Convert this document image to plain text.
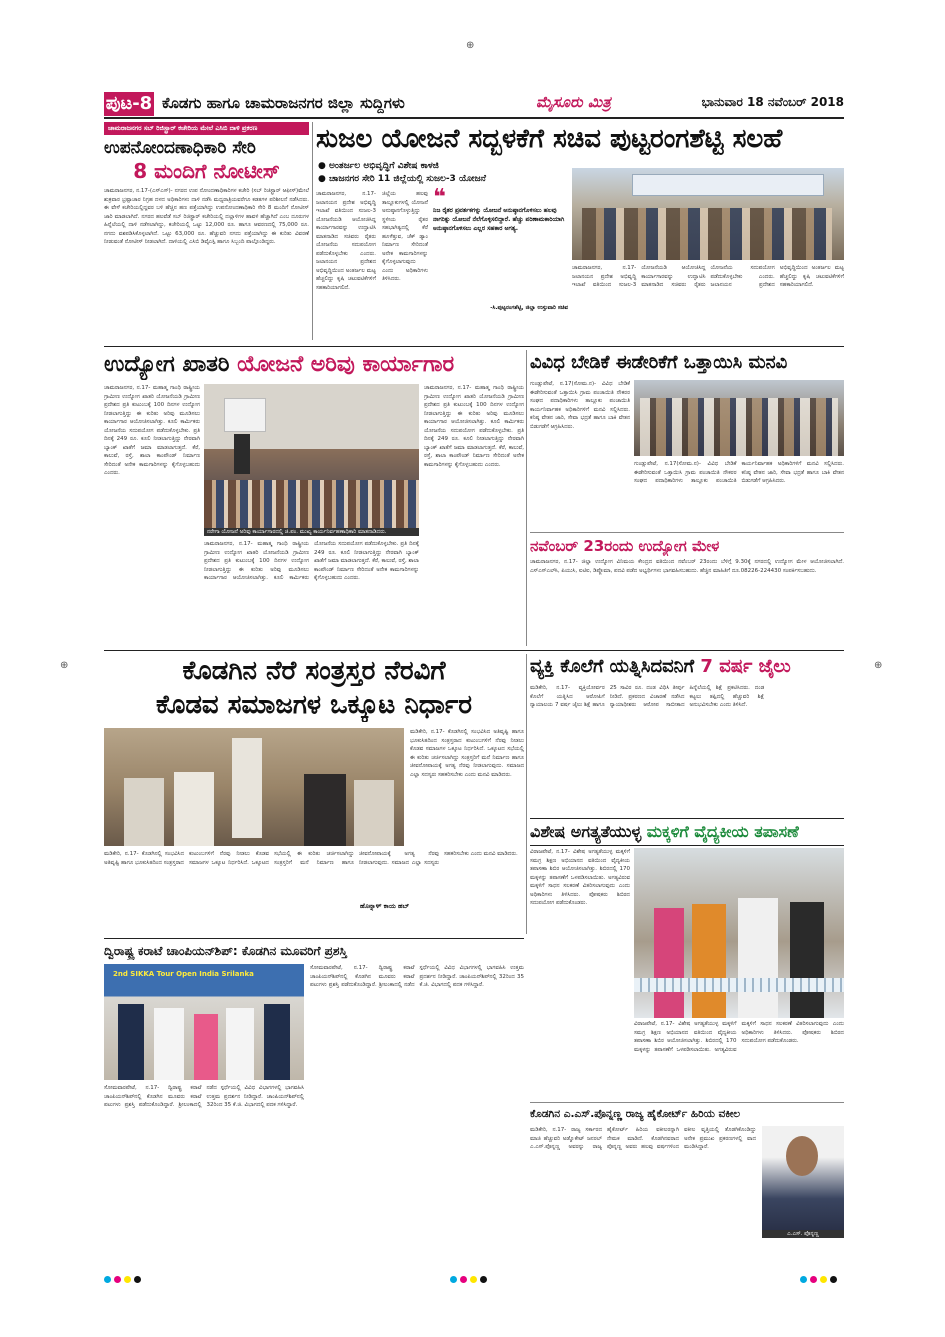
⊕
⊕	⊕
ಪುಟ-8 ಕೊಡಗು ಹಾಗೂ ಚಾಮರಾಜನಗರ ಜಿಲ್ಲಾ ಸುದ್ದಿಗಳು	ಮೈಸೂರು ಮಿತ್ರ	ಭಾನುವಾರ 18 ನವೆಂಬರ್ 2018
ಚಾಮರಾಜನಗರ ಸಬ್ ರಿಜಿಸ್ಟ್ರಾರ್ ಕಚೇರಿಯ ಮೇಲೆ ಎಸಿಬಿ ದಾಳಿ ಪ್ರಕರಣ
ಉಪನೋಂದಣಾಧಿಕಾರಿ ಸೇರಿ
8 ಮಂದಿಗೆ ನೋಟೀಸ್
ಚಾಮರಾಜನಗರ, ನ.17-(ಎಸ್‍ಎಸ್)- ನಗರದ ಉಪ ನೋಂದಣಾಧಿಕಾರಿಗಳ ಕಚೇರಿ (ಸಬ್ ರಿಜಿಸ್ಟ್ರಾರ್ ಆಫೀಸ್)ಮೇಲೆ ಶುಕ್ರವಾರ ಭ್ರಷ್ಟಾಚಾರ ನಿಗ್ರಹ ದಳದ ಅಧಿಕಾರಿಗಳು ದಾಳಿ ನಡೆಸಿ ಮಧ್ಯರಾತ್ರಿಯವರೆಗೂ ಕಡತಗಳ ಪರಿಶೀಲನೆ ನಡೆಸಿದರು. ಈ ವೇಳೆ ಕಚೇರಿಯಲ್ಲಿದ್ದವರ ಬಳಿ ಹೆಚ್ಚಿನ ಹಣ ಪತ್ತೆಯಾಗಿದ್ದು ಉಪನೋಂದಣಾಧಿಕಾರಿ ಸೇರಿ 8 ಮಂದಿಗೆ ನೋಟೀಸ್ ಜಾರಿ ಮಾಡಲಾಗಿದೆ. ನಗರದ ಹಲವೆಡೆ ಸಬ್ ರಿಜಿಸ್ಟ್ರಾರ್ ಕಚೇರಿಯಲ್ಲಿ ದಲ್ಲಾಳಿಗಳ ಹಾವಳಿ ಹೆಚ್ಚಾಗಿದೆ ಎಂಬ ದೂರುಗಳ ಹಿನ್ನೆಲೆಯಲ್ಲಿ ದಾಳಿ ನಡೆಸಲಾಗಿದ್ದು, ಕಚೇರಿಯಲ್ಲಿ ಒಟ್ಟು 12,000 ರೂ. ಹಾಗೂ ಆವರಣದಲ್ಲಿ 75,000 ರೂ. ನಗದು ವಶಪಡಿಸಿಕೊಳ್ಳಲಾಗಿದೆ. ಒಟ್ಟು 63,000 ರೂ. ಹೆಚ್ಚುವರಿ ನಗದು ಪತ್ತೆಯಾಗಿದ್ದು ಈ ಕುರಿತು ವಿವರಣೆ ನೀಡುವಂತೆ ನೋಟೀಸ್ ನೀಡಲಾಗಿದೆ. ದಾಳಿಯಲ್ಲಿ ಎಸಿಬಿ ಡಿವೈಎಸ್ಪಿ ಹಾಗೂ ಸಿಬ್ಬಂದಿ ಪಾಲ್ಗೊಂಡಿದ್ದರು.
ಸುಜಲ ಯೋಜನೆ ಸದ್ಬಳಕೆಗೆ ಸಚಿವ ಪುಟ್ಟರಂಗಶೆಟ್ಟಿ ಸಲಹೆ
● ಅಂತರ್ಜಲ ಅಭಿವೃದ್ಧಿಗೆ ವಿಶೇಷ ಕಾಳಜಿ
● ಚಾಜನಗರ ಸೇರಿ 11 ಜಿಲ್ಲೆಯಲ್ಲಿ ಸುಜಲ-3 ಯೋಜನೆ
ಚಾಮರಾಜನಗರ, ನ.17- ಜಲಾನಯನ ಪ್ರದೇಶ ಅಭಿವೃದ್ಧಿ ಇಲಾಖೆ ವತಿಯಿಂದ ಸುಜಲ-3 ಯೋಜನೆಯಡಿ ಆಯೋಜಿಸಿದ್ದ ಕಾರ್ಯಾಗಾರವನ್ನು ಉದ್ಘಾಟಿಸಿ ಮಾತನಾಡಿದ ಸಚಿವರು ರೈತರು ಯೋಜನೆಯ ಸದುಪಯೋಗ ಪಡೆದುಕೊಳ್ಳಬೇಕು ಎಂದರು. ಜಲಾನಯನ ಪ್ರದೇಶದ ಅಭಿವೃದ್ಧಿಯಿಂದ ಅಂತರ್ಜಲ ಮಟ್ಟ ಹೆಚ್ಚಲಿದ್ದು ಕೃಷಿ ಚಟುವಟಿಕೆಗಳಿಗೆ ಸಹಕಾರಿಯಾಗಲಿದೆ.
ಜಿಲ್ಲೆಯ ಹಲವು ತಾಲ್ಲೂಕುಗಳಲ್ಲಿ ಯೋಜನೆ ಅನುಷ್ಠಾನಗೊಳ್ಳುತ್ತಿದ್ದು ಸ್ಥಳೀಯ ರೈತರ ಸಹಭಾಗಿತ್ವದಲ್ಲಿ ಕೆರೆ ಹೂಳೆತ್ತುವ, ಚೆಕ್ ಡ್ಯಾಂ ನಿರ್ಮಾಣ ಸೇರಿದಂತೆ ಅನೇಕ ಕಾಮಗಾರಿಗಳನ್ನು ಕೈಗೊಳ್ಳಲಾಗುವುದು ಎಂದು ಅಧಿಕಾರಿಗಳು ತಿಳಿಸಿದರು.
❝
ನಿಜ ರೈತರ ಪ್ರವರ್ತಕಗಳ್ನು ಯೋಜನೆ ಅನುಷ್ಠಾನಗೊಳಿಸಲು ಹಲವು ನಾಗರಿಕ್ನು ಯೋಜನೆ ನೆಲೆಗೊಳ್ಳಿಸಲಿದ್ದಾರೆ. ಹೆಚ್ಚು ಪರಿಣಾಮಕಾರಿಯಾಗಿ ಅನುಷ್ಠಾನಗೊಳಿಸಲು ಎಲ್ಲರ ಸಹಕಾರ ಅಗತ್ಯ.
-ಸಿ.ಪುಟ್ಟರಂಗಶೆಟ್ಟಿ, ಜಿಲ್ಲಾ ಉಸ್ತುವಾರಿ ಸಚಿವ
ಚಾಮರಾಜನಗರ, ನ.17- ಜಲಾನಯನ ಪ್ರದೇಶ ಅಭಿವೃದ್ಧಿ ಇಲಾಖೆ ವತಿಯಿಂದ ಸುಜಲ-3 ಯೋಜನೆಯಡಿ ಆಯೋಜಿಸಿದ್ದ ಕಾರ್ಯಾಗಾರವನ್ನು ಉದ್ಘಾಟಿಸಿ ಮಾತನಾಡಿದ ಸಚಿವರು ರೈತರು ಯೋಜನೆಯ ಸದುಪಯೋಗ ಪಡೆದುಕೊಳ್ಳಬೇಕು ಎಂದರು. ಜಲಾನಯನ ಪ್ರದೇಶದ ಅಭಿವೃದ್ಧಿಯಿಂದ ಅಂತರ್ಜಲ ಮಟ್ಟ ಹೆಚ್ಚಲಿದ್ದು ಕೃಷಿ ಚಟುವಟಿಕೆಗಳಿಗೆ ಸಹಕಾರಿಯಾಗಲಿದೆ.
ಉದ್ಯೋಗ ಖಾತರಿ ಯೋಜನೆ ಅರಿವು ಕಾರ್ಯಾಗಾರ
ಚಾಮರಾಜನಗರ, ನ.17- ಮಹಾತ್ಮ ಗಾಂಧಿ ರಾಷ್ಟ್ರೀಯ ಗ್ರಾಮೀಣ ಉದ್ಯೋಗ ಖಾತರಿ ಯೋಜನೆಯಡಿ ಗ್ರಾಮೀಣ ಪ್ರದೇಶದ ಪ್ರತಿ ಕುಟುಂಬಕ್ಕೆ 100 ದಿನಗಳ ಉದ್ಯೋಗ ನೀಡಲಾಗುತ್ತಿದ್ದು ಈ ಕುರಿತು ಅರಿವು ಮೂಡಿಸಲು ಕಾರ್ಯಾಗಾರ ಆಯೋಜಿಸಲಾಗಿತ್ತು. ಕೂಲಿ ಕಾರ್ಮಿಕರು ಯೋಜನೆಯ ಸದುಪಯೋಗ ಪಡೆದುಕೊಳ್ಳಬೇಕು. ಪ್ರತಿ ದಿನಕ್ಕೆ 249 ರೂ. ಕೂಲಿ ನೀಡಲಾಗುತ್ತಿದ್ದು ನೇರವಾಗಿ ಬ್ಯಾಂಕ್ ಖಾತೆಗೆ ಜಮಾ ಮಾಡಲಾಗುತ್ತದೆ. ಕೆರೆ, ಕಾಲುವೆ, ರಸ್ತೆ, ಶಾಲಾ ಕಾಂಪೌಂಡ್ ನಿರ್ಮಾಣ ಸೇರಿದಂತೆ ಅನೇಕ ಕಾಮಗಾರಿಗಳನ್ನು ಕೈಗೊಳ್ಳಬಹುದು ಎಂದರು.
ನರೇಗಾ ಯೋಜನೆ ಅರಿವು ಕಾರ್ಯಾಗಾರದಲ್ಲಿ ಜಿ.ಪಂ. ಮುಖ್ಯ ಕಾರ್ಯನಿರ್ವಹಣಾಧಿಕಾರಿ ಮಾತನಾಡಿದರು.
ಚಾಮರಾಜನಗರ, ನ.17- ಮಹಾತ್ಮ ಗಾಂಧಿ ರಾಷ್ಟ್ರೀಯ ಗ್ರಾಮೀಣ ಉದ್ಯೋಗ ಖಾತರಿ ಯೋಜನೆಯಡಿ ಗ್ರಾಮೀಣ ಪ್ರದೇಶದ ಪ್ರತಿ ಕುಟುಂಬಕ್ಕೆ 100 ದಿನಗಳ ಉದ್ಯೋಗ ನೀಡಲಾಗುತ್ತಿದ್ದು ಈ ಕುರಿತು ಅರಿವು ಮೂಡಿಸಲು ಕಾರ್ಯಾಗಾರ ಆಯೋಜಿಸಲಾಗಿತ್ತು. ಕೂಲಿ ಕಾರ್ಮಿಕರು ಯೋಜನೆಯ ಸದುಪಯೋಗ ಪಡೆದುಕೊಳ್ಳಬೇಕು. ಪ್ರತಿ ದಿನಕ್ಕೆ 249 ರೂ. ಕೂಲಿ ನೀಡಲಾಗುತ್ತಿದ್ದು ನೇರವಾಗಿ ಬ್ಯಾಂಕ್ ಖಾತೆಗೆ ಜಮಾ ಮಾಡಲಾಗುತ್ತದೆ. ಕೆರೆ, ಕಾಲುವೆ, ರಸ್ತೆ, ಶಾಲಾ ಕಾಂಪೌಂಡ್ ನಿರ್ಮಾಣ ಸೇರಿದಂತೆ ಅನೇಕ ಕಾಮಗಾರಿಗಳನ್ನು ಕೈಗೊಳ್ಳಬಹುದು ಎಂದರು.
ಚಾಮರಾಜನಗರ, ನ.17- ಮಹಾತ್ಮ ಗಾಂಧಿ ರಾಷ್ಟ್ರೀಯ ಗ್ರಾಮೀಣ ಉದ್ಯೋಗ ಖಾತರಿ ಯೋಜನೆಯಡಿ ಗ್ರಾಮೀಣ ಪ್ರದೇಶದ ಪ್ರತಿ ಕುಟುಂಬಕ್ಕೆ 100 ದಿನಗಳ ಉದ್ಯೋಗ ನೀಡಲಾಗುತ್ತಿದ್ದು ಈ ಕುರಿತು ಅರಿವು ಮೂಡಿಸಲು ಕಾರ್ಯಾಗಾರ ಆಯೋಜಿಸಲಾಗಿತ್ತು. ಕೂಲಿ ಕಾರ್ಮಿಕರು ಯೋಜನೆಯ ಸದುಪಯೋಗ ಪಡೆದುಕೊಳ್ಳಬೇಕು. ಪ್ರತಿ ದಿನಕ್ಕೆ 249 ರೂ. ಕೂಲಿ ನೀಡಲಾಗುತ್ತಿದ್ದು ನೇರವಾಗಿ ಬ್ಯಾಂಕ್ ಖಾತೆಗೆ ಜಮಾ ಮಾಡಲಾಗುತ್ತದೆ. ಕೆರೆ, ಕಾಲುವೆ, ರಸ್ತೆ, ಶಾಲಾ ಕಾಂಪೌಂಡ್ ನಿರ್ಮಾಣ ಸೇರಿದಂತೆ ಅನೇಕ ಕಾಮಗಾರಿಗಳನ್ನು ಕೈಗೊಳ್ಳಬಹುದು ಎಂದರು.
ವಿವಿಧ ಬೇಡಿಕೆ ಈಡೇರಿಕೆಗೆ ಒತ್ತಾಯಿಸಿ ಮನವಿ
ಗುಂಡ್ಲುಪೇಟೆ, ನ.17(ಸೋಮ.ನ)- ವಿವಿಧ ಬೇಡಿಕೆ ಈಡೇರಿಸುವಂತೆ ಒತ್ತಾಯಿಸಿ ಗ್ರಾಮ ಪಂಚಾಯಿತಿ ನೌಕರರ ಸಂಘದ ಪದಾಧಿಕಾರಿಗಳು ತಾಲ್ಲೂಕು ಪಂಚಾಯಿತಿ ಕಾರ್ಯನಿರ್ವಾಹಕ ಅಧಿಕಾರಿಗಳಿಗೆ ಮನವಿ ಸಲ್ಲಿಸಿದರು. ಕನಿಷ್ಠ ವೇತನ ಜಾರಿ, ಸೇವಾ ಭದ್ರತೆ ಹಾಗೂ ಬಾಕಿ ವೇತನ ಬಿಡುಗಡೆಗೆ ಆಗ್ರಹಿಸಿದರು.
ಗುಂಡ್ಲುಪೇಟೆ, ನ.17(ಸೋಮ.ನ)- ವಿವಿಧ ಬೇಡಿಕೆ ಈಡೇರಿಸುವಂತೆ ಒತ್ತಾಯಿಸಿ ಗ್ರಾಮ ಪಂಚಾಯಿತಿ ನೌಕರರ ಸಂಘದ ಪದಾಧಿಕಾರಿಗಳು ತಾಲ್ಲೂಕು ಪಂಚಾಯಿತಿ ಕಾರ್ಯನಿರ್ವಾಹಕ ಅಧಿಕಾರಿಗಳಿಗೆ ಮನವಿ ಸಲ್ಲಿಸಿದರು. ಕನಿಷ್ಠ ವೇತನ ಜಾರಿ, ಸೇವಾ ಭದ್ರತೆ ಹಾಗೂ ಬಾಕಿ ವೇತನ ಬಿಡುಗಡೆಗೆ ಆಗ್ರಹಿಸಿದರು.
ನವೆಂಬರ್ 23ರಂದು ಉದ್ಯೋಗ ಮೇಳ
ಚಾಮರಾಜನಗರ, ನ.17- ಜಿಲ್ಲಾ ಉದ್ಯೋಗ ವಿನಿಮಯ ಕೇಂದ್ರದ ವತಿಯಿಂದ ನವೆಂಬರ್ 23ರಂದು ಬೆಳಿಗ್ಗೆ 9.30ಕ್ಕೆ ನಗರದಲ್ಲಿ ಉದ್ಯೋಗ ಮೇಳ ಆಯೋಜಿಸಲಾಗಿದೆ. ಎಸ್‍ಎಸ್‍ಎಲ್‍ಸಿ, ಪಿಯುಸಿ, ಐಟಿಐ, ಡಿಪ್ಲೊಮಾ, ಪದವಿ ಪಡೆದ ಅಭ್ಯರ್ಥಿಗಳು ಭಾಗವಹಿಸಬಹುದು. ಹೆಚ್ಚಿನ ಮಾಹಿತಿಗೆ ದೂ.08226-224430 ಸಂಪರ್ಕಿಸಬಹುದು.
ಕೊಡಗಿನ ನೆರೆ ಸಂತ್ರಸ್ತರ ನೆರವಿಗೆ
ಕೊಡವ ಸಮಾಜಗಳ ಒಕ್ಕೂಟ ನಿರ್ಧಾರ
ಮಡಿಕೇರಿ, ನ.17- ಕೊಡಗಿನಲ್ಲಿ ಸಂಭವಿಸಿದ ಅತಿವೃಷ್ಟಿ ಹಾಗೂ ಭೂಕುಸಿತದಿಂದ ಸಂತ್ರಸ್ತರಾದ ಕುಟುಂಬಗಳಿಗೆ ನೆರವು ನೀಡಲು ಕೊಡವ ಸಮಾಜಗಳ ಒಕ್ಕೂಟ ನಿರ್ಧರಿಸಿದೆ. ಒಕ್ಕೂಟದ ಸಭೆಯಲ್ಲಿ ಈ ಕುರಿತು ಚರ್ಚಿಸಲಾಗಿದ್ದು ಸಂತ್ರಸ್ತರಿಗೆ ಮನೆ ನಿರ್ಮಾಣ ಹಾಗೂ ಜೀವನೋಪಾಯಕ್ಕೆ ಅಗತ್ಯ ನೆರವು ನೀಡಲಾಗುವುದು. ಸಮಾಜದ ಎಲ್ಲಾ ಸದಸ್ಯರು ಸಹಕರಿಸಬೇಕು ಎಂದು ಮನವಿ ಮಾಡಿದರು.
ಮಡಿಕೇರಿ, ನ.17- ಕೊಡಗಿನಲ್ಲಿ ಸಂಭವಿಸಿದ ಅತಿವೃಷ್ಟಿ ಹಾಗೂ ಭೂಕುಸಿತದಿಂದ ಸಂತ್ರಸ್ತರಾದ ಕುಟುಂಬಗಳಿಗೆ ನೆರವು ನೀಡಲು ಕೊಡವ ಸಮಾಜಗಳ ಒಕ್ಕೂಟ ನಿರ್ಧರಿಸಿದೆ. ಒಕ್ಕೂಟದ ಸಭೆಯಲ್ಲಿ ಈ ಕುರಿತು ಚರ್ಚಿಸಲಾಗಿದ್ದು ಸಂತ್ರಸ್ತರಿಗೆ ಮನೆ ನಿರ್ಮಾಣ ಹಾಗೂ ಜೀವನೋಪಾಯಕ್ಕೆ ಅಗತ್ಯ ನೆರವು ನೀಡಲಾಗುವುದು. ಸಮಾಜದ ಎಲ್ಲಾ ಸದಸ್ಯರು ಸಹಕರಿಸಬೇಕು ಎಂದು ಮನವಿ ಮಾಡಿದರು.
ಹೊನ್ನಾಳ್ ಕಾಯ ಹಬ್
ವ್ಯಕ್ತಿ ಕೊಲೆಗೆ ಯತ್ನಿಸಿದವನಿಗೆ 7 ವರ್ಷ ಜೈಲು
ಮಡಿಕೇರಿ, ನ.17- ವ್ಯಕ್ತಿಯೋರ್ವರ ಕೊಲೆಗೆ ಯತ್ನಿಸಿದ ಆರೋಪಿಗೆ ನ್ಯಾಯಾಲಯ 7 ವರ್ಷ ಜೈಲು ಶಿಕ್ಷೆ ಹಾಗೂ 25 ಸಾವಿರ ರೂ. ದಂಡ ವಿಧಿಸಿ ತೀರ್ಪು ನೀಡಿದೆ. ಪ್ರಕರಣದ ವಿಚಾರಣೆ ನಡೆಸಿದ ನ್ಯಾಯಾಧೀಶರು ಆರೋಪ ಸಾಬೀತಾದ ಹಿನ್ನೆಲೆಯಲ್ಲಿ ಶಿಕ್ಷೆ ಪ್ರಕಟಿಸಿದರು. ದಂಡ ಕಟ್ಟಲು ತಪ್ಪಿದಲ್ಲಿ ಹೆಚ್ಚುವರಿ ಶಿಕ್ಷೆ ಅನುಭವಿಸಬೇಕು ಎಂದು ತಿಳಿಸಿದೆ.
ವಿಶೇಷ ಅಗತ್ಯತೆಯುಳ್ಳ ಮಕ್ಕಳಿಗೆ ವೈದ್ಯಕೀಯ ತಪಾಸಣೆ
ವಿರಾಜಪೇಟೆ, ನ.17- ವಿಶೇಷ ಅಗತ್ಯತೆಯುಳ್ಳ ಮಕ್ಕಳಿಗೆ ಸಮಗ್ರ ಶಿಕ್ಷಣ ಅಭಿಯಾನದ ವತಿಯಿಂದ ವೈದ್ಯಕೀಯ ತಪಾಸಣಾ ಶಿಬಿರ ಆಯೋಜಿಸಲಾಗಿತ್ತು. ಶಿಬಿರದಲ್ಲಿ 170 ಮಕ್ಕಳನ್ನು ತಪಾಸಣೆಗೆ ಒಳಪಡಿಸಲಾಯಿತು. ಅಗತ್ಯವಿರುವ ಮಕ್ಕಳಿಗೆ ಸಾಧನ ಸಲಕರಣೆ ವಿತರಿಸಲಾಗುವುದು ಎಂದು ಅಧಿಕಾರಿಗಳು ತಿಳಿಸಿದರು. ಪೋಷಕರು ಶಿಬಿರದ ಸದುಪಯೋಗ ಪಡೆದುಕೊಂಡರು.
ವಿರಾಜಪೇಟೆ, ನ.17- ವಿಶೇಷ ಅಗತ್ಯತೆಯುಳ್ಳ ಮಕ್ಕಳಿಗೆ ಸಮಗ್ರ ಶಿಕ್ಷಣ ಅಭಿಯಾನದ ವತಿಯಿಂದ ವೈದ್ಯಕೀಯ ತಪಾಸಣಾ ಶಿಬಿರ ಆಯೋಜಿಸಲಾಗಿತ್ತು. ಶಿಬಿರದಲ್ಲಿ 170 ಮಕ್ಕಳನ್ನು ತಪಾಸಣೆಗೆ ಒಳಪಡಿಸಲಾಯಿತು. ಅಗತ್ಯವಿರುವ ಮಕ್ಕಳಿಗೆ ಸಾಧನ ಸಲಕರಣೆ ವಿತರಿಸಲಾಗುವುದು ಎಂದು ಅಧಿಕಾರಿಗಳು ತಿಳಿಸಿದರು. ಪೋಷಕರು ಶಿಬಿರದ ಸದುಪಯೋಗ ಪಡೆದುಕೊಂಡರು.
ದ್ವಿರಾಷ್ಟ್ರ ಕರಾಟೆ ಚಾಂಪಿಯನ್‍ಶಿಪ್: ಕೊಡಗಿನ ಮೂವರಿಗೆ ಪ್ರಶಸ್ತಿ
2nd SIKKA Tour Open India Srilanka
ಸೋಮವಾರಪೇಟೆ, ನ.17- ದ್ವಿರಾಷ್ಟ್ರ ಕರಾಟೆ ಚಾಂಪಿಯನ್‍ಶಿಪ್‍ನಲ್ಲಿ ಕೊಡಗಿನ ಮೂವರು ಕರಾಟೆ ಪಟುಗಳು ಪ್ರಶಸ್ತಿ ಪಡೆದುಕೊಂಡಿದ್ದಾರೆ. ಶ್ರೀಲಂಕಾದಲ್ಲಿ ನಡೆದ ಸ್ಪರ್ಧೆಯಲ್ಲಿ ವಿವಿಧ ವಿಭಾಗಗಳಲ್ಲಿ ಭಾಗವಹಿಸಿ ಉತ್ತಮ ಪ್ರದರ್ಶನ ನೀಡಿದ್ದಾರೆ. ಚಾಂಪಿಯನ್‍ಶಿಪ್‍ನಲ್ಲಿ 32ರಿಂದ 35 ಕೆ.ಜಿ. ವಿಭಾಗದಲ್ಲಿ ಪದಕ ಗಳಿಸಿದ್ದಾರೆ.
ಸೋಮವಾರಪೇಟೆ, ನ.17- ದ್ವಿರಾಷ್ಟ್ರ ಕರಾಟೆ ಚಾಂಪಿಯನ್‍ಶಿಪ್‍ನಲ್ಲಿ ಕೊಡಗಿನ ಮೂವರು ಕರಾಟೆ ಪಟುಗಳು ಪ್ರಶಸ್ತಿ ಪಡೆದುಕೊಂಡಿದ್ದಾರೆ. ಶ್ರೀಲಂಕಾದಲ್ಲಿ ನಡೆದ ಸ್ಪರ್ಧೆಯಲ್ಲಿ ವಿವಿಧ ವಿಭಾಗಗಳಲ್ಲಿ ಭಾಗವಹಿಸಿ ಉತ್ತಮ ಪ್ರದರ್ಶನ ನೀಡಿದ್ದಾರೆ. ಚಾಂಪಿಯನ್‍ಶಿಪ್‍ನಲ್ಲಿ 32ರಿಂದ 35 ಕೆ.ಜಿ. ವಿಭಾಗದಲ್ಲಿ ಪದಕ ಗಳಿಸಿದ್ದಾರೆ.
ಕೊಡಗಿನ ಎ.ಎಸ್.ಪೊನ್ನಣ್ಣ ರಾಜ್ಯ ಹೈಕೋರ್ಟ್ ಹಿರಿಯ ವಕೀಲ
ಮಡಿಕೇರಿ, ನ.17- ರಾಜ್ಯ ಸರ್ಕಾರದ ಮಾಜಿ ಹೆಚ್ಚುವರಿ ಅಡ್ವೊಕೇಟ್ ಜನರಲ್ ಎ.ಎಸ್.ಪೊನ್ನಣ್ಣ ಅವರನ್ನು ರಾಜ್ಯ ಹೈಕೋರ್ಟ್ ಹಿರಿಯ ವಕೀಲರನ್ನಾಗಿ ನೇಮಕ ಮಾಡಿದೆ. ಕೊಡಗಿನವರಾದ ಪೊನ್ನಣ್ಣ ಅವರು ಹಲವು ವರ್ಷಗಳಿಂದ ವಕೀಲ ವೃತ್ತಿಯಲ್ಲಿ ತೊಡಗಿಕೊಂಡಿದ್ದು ಅನೇಕ ಪ್ರಮುಖ ಪ್ರಕರಣಗಳಲ್ಲಿ ವಾದ ಮಂಡಿಸಿದ್ದಾರೆ.
ಎ.ಎಸ್. ಪೊನ್ನಣ್ಣ
